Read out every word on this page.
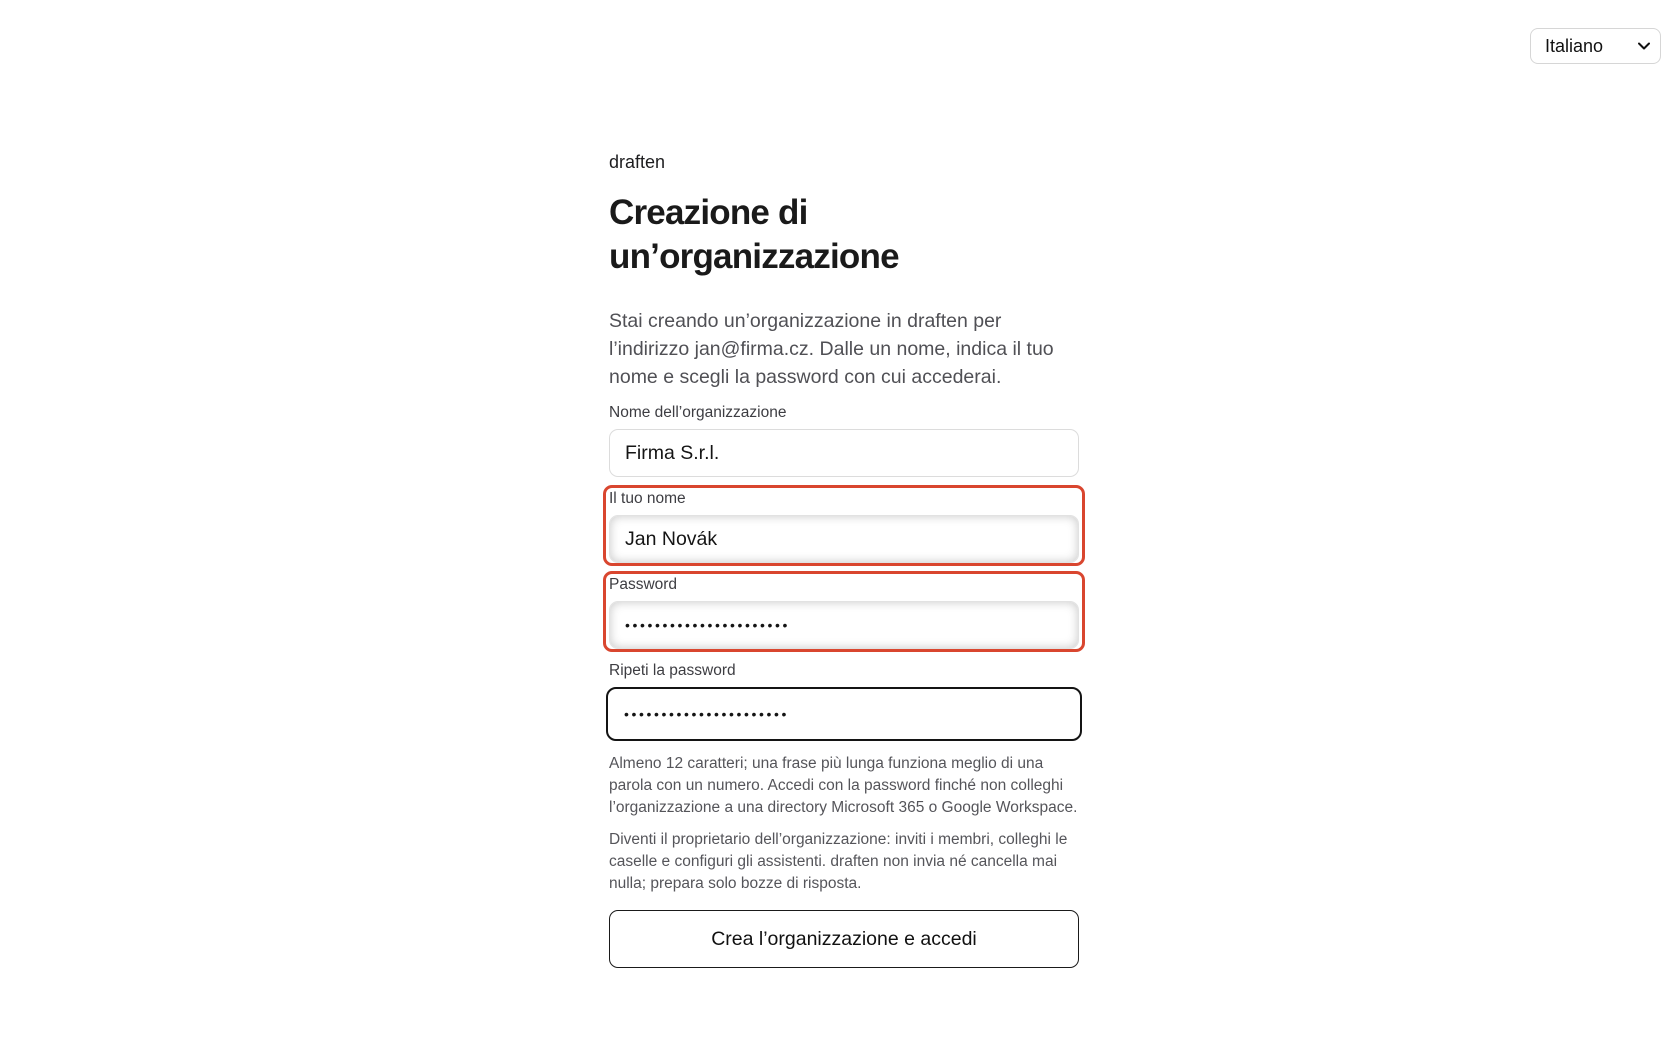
Italiano
draften
Creazione di un’organizzazione

Stai creando un’organizzazione in draften per l’indirizzo jan@firma.cz. Dalle un nome, indica il tuo nome e scegli la password con cui accederai.

Nome dell’organizzazione
Firma S.r.l.
Il tuo nome
Jan Novák
Password
••••••••••••••••••••••
Ripeti la password
••••••••••••••••••••••

Almeno 12 caratteri; una frase più lunga funziona meglio di una parola con un numero. Accedi con la password finché non colleghi l’organizzazione a una directory Microsoft 365 o Google Workspace.

Diventi il proprietario dell’organizzazione: inviti i membri, colleghi le caselle e configuri gli assistenti. draften non invia né cancella mai nulla; prepara solo bozze di risposta.

Crea l’organizzazione e accedi
